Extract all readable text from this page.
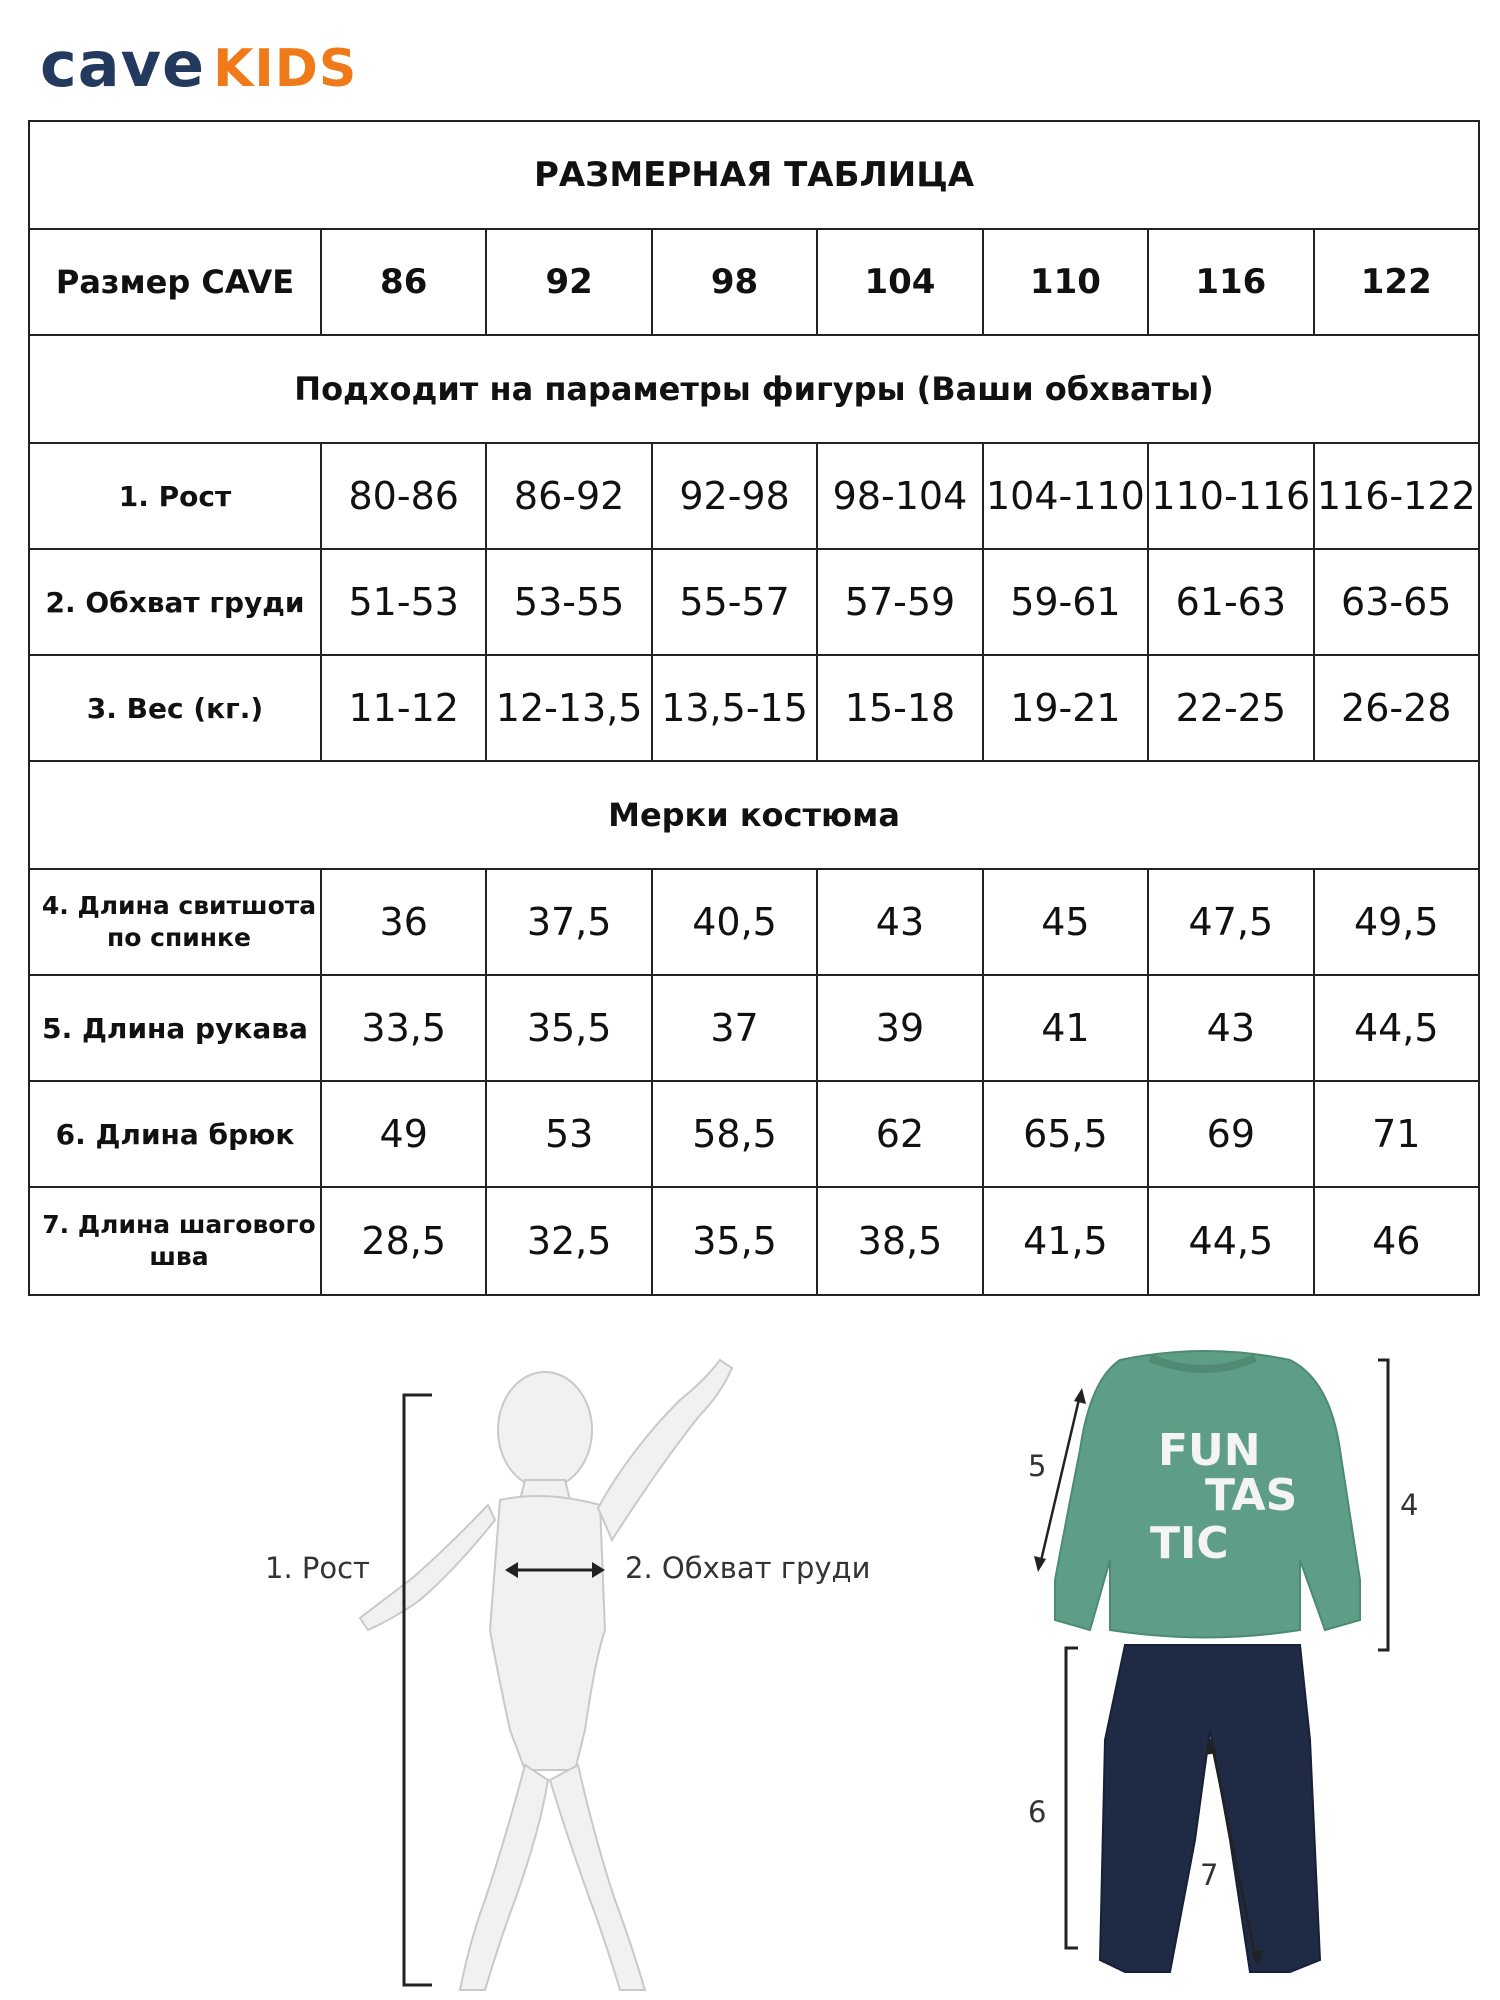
cave KIDS
РАЗМЕРНАЯ ТАБЛИЦА							
Размер CAVE	86	92	98	104	110	116	122
Подходит на параметры фигуры (Ваши обхваты)							
1. Рост	80-86	86-92	92-98	98-104	104-110	110-116	116-122
2. Обхват груди	51-53	53-55	55-57	57-59	59-61	61-63	63-65
3. Вес (кг.)	11-12	12-13,5	13,5-15	15-18	19-21	22-25	26-28
Мерки костюма							
4. Длина свитшота
по спинке	36	37,5	40,5	43	45	47,5	49,5
5. Длина рукава	33,5	35,5	37	39	41	43	44,5
6. Длина брюк	49	53	58,5	62	65,5	69	71
7. Длина шагового
шва	28,5	32,5	35,5	38,5	41,5	44,5	46
1. Рост	2. Обхват груди
FUN
TAS
TIC
5
4
6
7
